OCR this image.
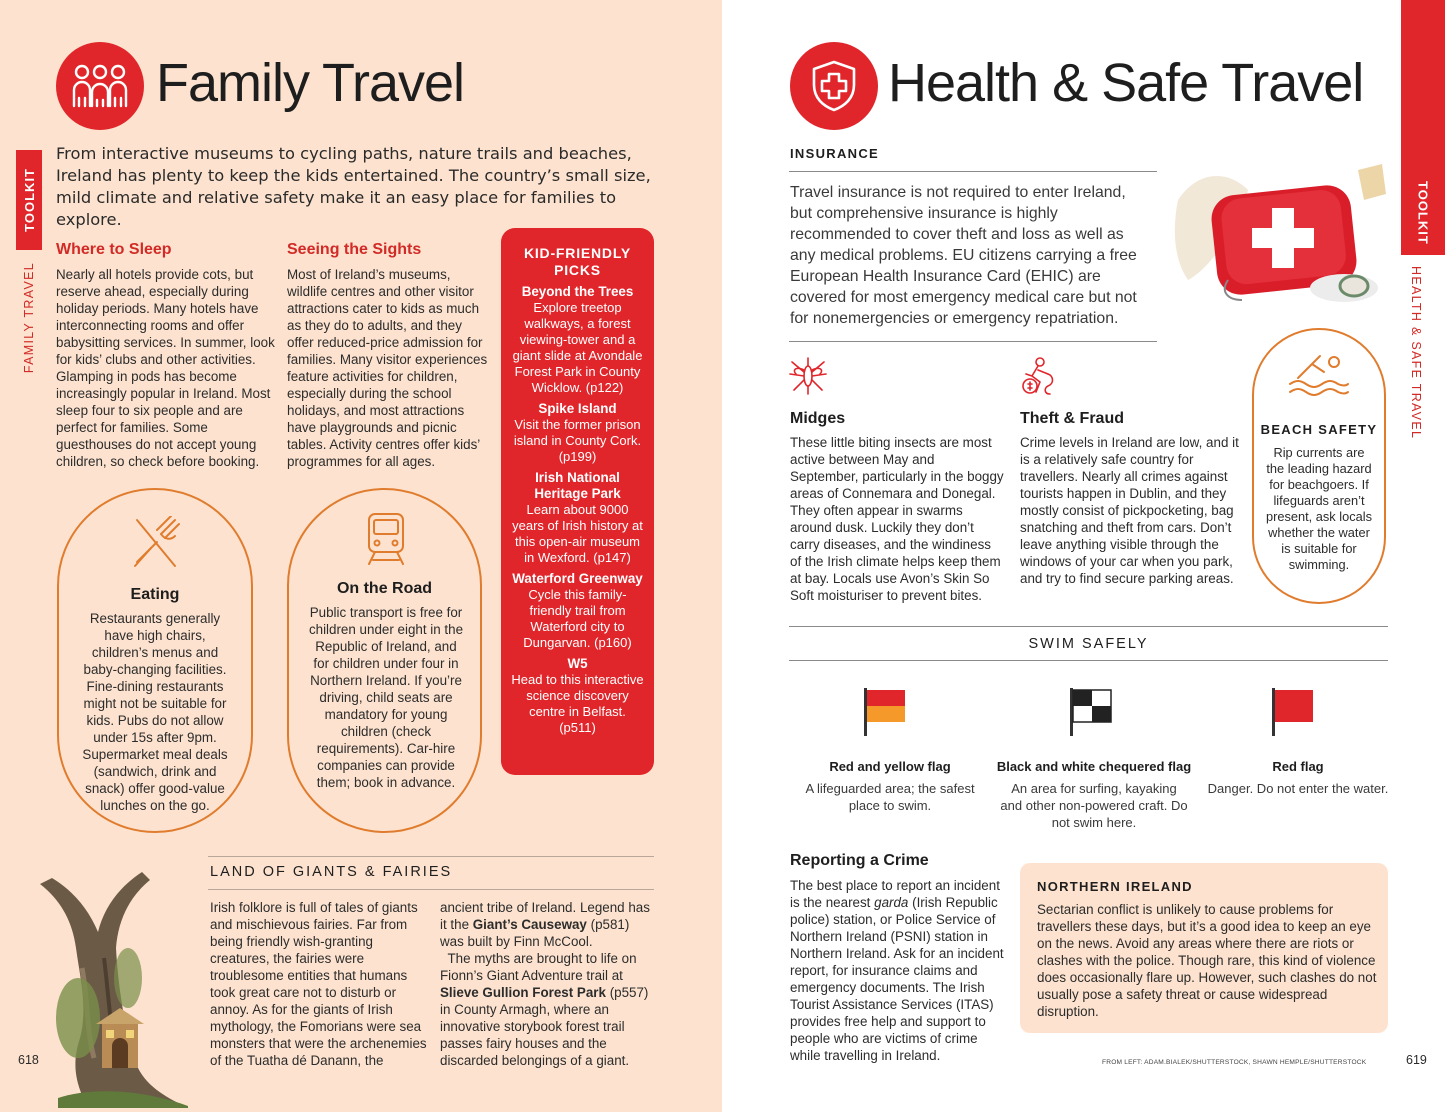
TOOLKIT
FAMILY TRAVEL
Family Travel
From interactive museums to cycling paths, nature trails and beaches, Ireland has plenty to keep the kids entertained. The country’s small size, mild climate and relative safety make it an easy place for families to explore.
Where to Sleep
Nearly all hotels provide cots, but reserve ahead, especially during holiday periods. Many hotels have interconnecting rooms and offer babysitting services. In summer, look for kids’ clubs and other activities. Glamping in pods has become increasingly popular in Ireland. Most sleep four to six people and are perfect for families. Some guesthouses do not accept young children, so check before booking.
Seeing the Sights
Most of Ireland’s museums, wildlife centres and other visitor attractions cater to kids as much as they do to adults, and they offer reduced-price admission for families. Many visitor experiences feature activities for children, especially during the school holidays, and most attractions have playgrounds and picnic tables. Activity centres offer kids’ programmes for all ages.
KID-FRIENDLY PICKS
Beyond the Trees
Explore treetop walkways, a forest viewing-tower and a giant slide at Avondale Forest Park in County Wicklow. (p122)
Spike Island
Visit the former prison island in County Cork. (p199)
Irish National Heritage Park
Learn about 9000 years of Irish history at this open-air museum in Wexford. (p147)
Waterford Greenway
Cycle this family-friendly trail from Waterford city to Dungarvan. (p160)
W5
Head to this interactive science discovery centre in Belfast. (p511)
Eating
Restaurants generally have high chairs, children’s menus and baby-changing facilities. Fine-dining restaurants might not be suitable for kids. Pubs do not allow under 15s after 9pm. Supermarket meal deals (sandwich, drink and snack) offer good-value lunches on the go.
On the Road
Public transport is free for children under eight in the Republic of Ireland, and for children under four in Northern Ireland. If you’re driving, child seats are mandatory for young children (check requirements). Car-hire companies can provide them; book in advance.
LAND OF GIANTS & FAIRIES
Irish folklore is full of tales of giants and mischievous fairies. Far from being friendly wish-granting creatures, the fairies were troublesome entities that humans took great care not to disturb or annoy. As for the giants of Irish mythology, the Fomorians were sea monsters that were the archenemies of the Tuatha dé Danann, the
ancient tribe of Ireland. Legend has it the Giant’s Causeway (p581) was built by Finn McCool.
The myths are brought to life on Fionn’s Giant Adventure trail at Slieve Gullion Forest Park (p557) in County Armagh, where an innovative storybook forest trail passes fairy houses and the discarded belongings of a giant.
618
TOOLKIT
HEALTH & SAFE TRAVEL
Health & Safe Travel
INSURANCE
Travel insurance is not required to enter Ireland, but comprehensive insurance is highly recommended to cover theft and loss as well as any medical problems. EU citizens carrying a free European Health Insurance Card (EHIC) are covered for most emergency medical care but not for nonemergencies or emergency repatriation.
Midges
These little biting insects are most active between May and September, particularly in the boggy areas of Connemara and Donegal. They often appear in swarms around dusk. Luckily they don’t carry diseases, and the windiness of the Irish climate helps keep them at bay. Locals use Avon’s Skin So Soft moisturiser to prevent bites.
Theft & Fraud
Crime levels in Ireland are low, and it is a relatively safe country for travellers. Nearly all crimes against tourists happen in Dublin, and they mostly consist of pickpocketing, bag snatching and theft from cars. Don’t leave anything visible through the windows of your car when you park, and try to find secure parking areas.
BEACH SAFETY
Rip currents are the leading hazard for beachgoers. If lifeguards aren’t present, ask locals whether the water is suitable for swimming.
SWIM SAFELY
Red and yellow flag
A lifeguarded area; the safest place to swim.
Black and white chequered flag
An area for surfing, kayaking and other non-powered craft. Do not swim here.
Red flag
Danger. Do not enter the water.
Reporting a Crime
The best place to report an incident is the nearest garda (Irish Republic police) station, or Police Service of Northern Ireland (PSNI) station in Northern Ireland. Ask for an incident report, for insurance claims and emergency documents. The Irish Tourist Assistance Services (ITAS) provides free help and support to people who are victims of crime while travelling in Ireland.
NORTHERN IRELAND
Sectarian conflict is unlikely to cause problems for travellers these days, but it’s a good idea to keep an eye on the news. Avoid any areas where there are riots or clashes with the police. Though rare, this kind of violence does occasionally flare up. However, such clashes do not usually pose a safety threat or cause widespread disruption.
FROM LEFT: ADAM.BIALEK/SHUTTERSTOCK, SHAWN HEMPLE/SHUTTERSTOCK	619
